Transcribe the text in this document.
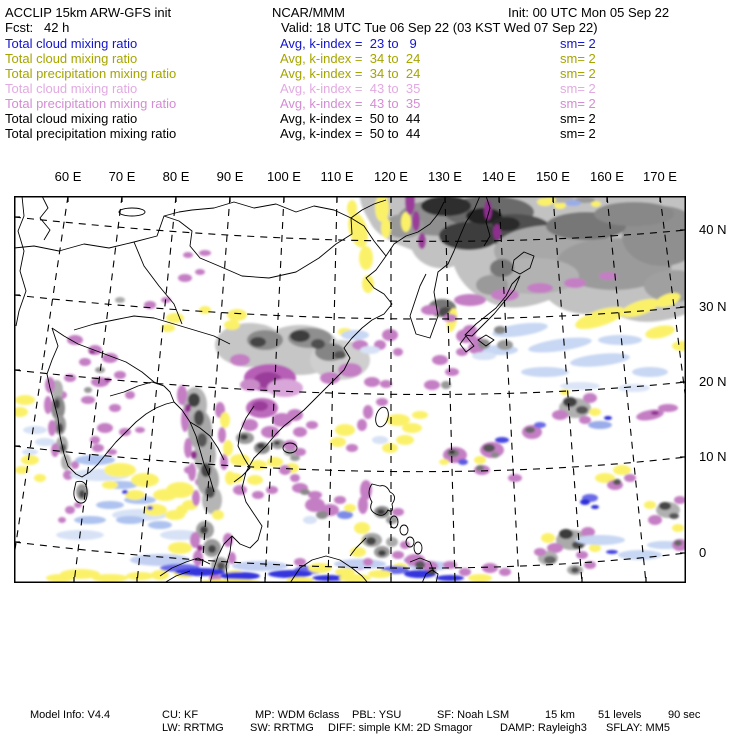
ACCLIP 15km ARW-GFS init	NCAR/MMM	Init: 00 UTC Mon 05 Sep 22
Fcst:   42 h	Valid: 18 UTC Tue 06 Sep 22 (03 KST Wed 07 Sep 22)
Total cloud mixing ratio	Avg, k-index =  23 to   9	sm= 2
Total cloud mixing ratio	Avg, k-index =  34 to  24	sm= 2
Total precipitation mixing ratio	Avg, k-index =  34 to  24	sm= 2
Total cloud mixing ratio	Avg, k-index =  43 to  35	sm= 2
Total precipitation mixing ratio	Avg, k-index =  43 to  35	sm= 2
Total cloud mixing ratio	Avg, k-index =  50 to  44	sm= 2
Total precipitation mixing ratio	Avg, k-index =  50 to  44	sm= 2
60 E	70 E	80 E	90 E	100 E	110 E	120 E	130 E	140 E	150 E	160 E	170 E
40 N
30 N
20 N
10 N
0
Model Info: V4.4	CU: KF	MP: WDM 6class PBL: YSU	SF: Noah LSM	15 km 51 levels 90 sec
LW: RRTMG SW: RRTMG DIFF: simple KM: 2D Smagor	DAMP: Rayleigh3 SFLAY: MM5
